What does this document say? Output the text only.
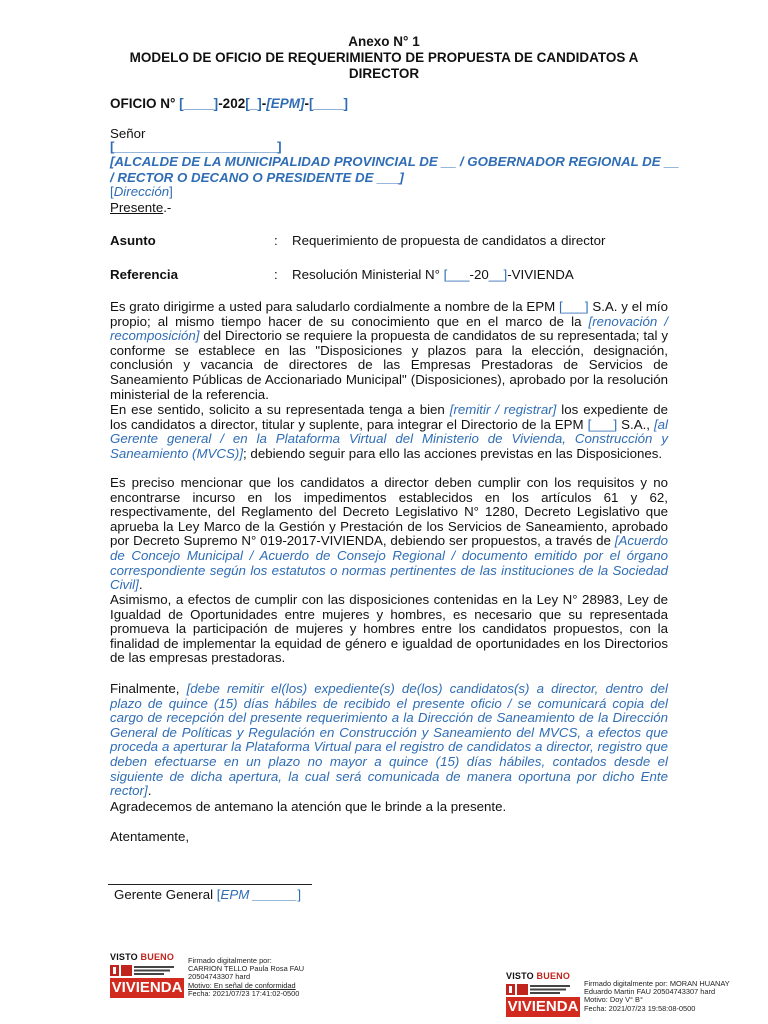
Anexo N° 1
MODELO DE OFICIO DE REQUERIMIENTO DE PROPUESTA DE CANDIDATOS A
DIRECTOR
OFICIO N° [____]-202[_]-[EPM]-[____]
Señor
[______________________]
[ALCALDE DE LA MUNICIPALIDAD PROVINCIAL DE __ / GOBERNADOR REGIONAL DE __
/ RECTOR O DECANO O PRESIDENTE DE ___]
[Dirección]
Presente.-
Asunto	: Requerimiento de propuesta de candidatos a director
Referencia	: Resolución Ministerial N° [___-20__]-VIVIENDA
Es grato dirigirme a usted para saludarlo cordialmente a nombre de la EPM [___] S.A. y el mío propio; al mismo tiempo hacer de su conocimiento que en el marco de la [renovación / recomposición] del Directorio se requiere la propuesta de candidatos de su representada; tal y conforme se establece en las "Disposiciones y plazos para la elección, designación, conclusión y vacancia de directores de las Empresas Prestadoras de Servicios de Saneamiento Públicas de Accionariado Municipal" (Disposiciones), aprobado por la resolución ministerial de la referencia.
En ese sentido, solicito a su representada tenga a bien [remitir / registrar] los expediente de los candidatos a director, titular y suplente, para integrar el Directorio de la EPM [___] S.A., [al Gerente general / en la Plataforma Virtual del Ministerio de Vivienda, Construcción y Saneamiento (MVCS)]; debiendo seguir para ello las acciones previstas en las Disposiciones.
Es preciso mencionar que los candidatos a director deben cumplir con los requisitos y no encontrarse incurso en los impedimentos establecidos en los artículos 61 y 62, respectivamente, del Reglamento del Decreto Legislativo N° 1280, Decreto Legislativo que aprueba la Ley Marco de la Gestión y Prestación de los Servicios de Saneamiento, aprobado por Decreto Supremo N° 019-2017-VIVIENDA, debiendo ser propuestos, a través de [Acuerdo de Concejo Municipal / Acuerdo de Consejo Regional / documento emitido por el órgano correspondiente según los estatutos o normas pertinentes de las instituciones de la Sociedad Civil].
Asimismo, a efectos de cumplir con las disposiciones contenidas en la Ley N° 28983, Ley de Igualdad de Oportunidades entre mujeres y hombres, es necesario que su representada promueva la participación de mujeres y hombres entre los candidatos propuestos, con la finalidad de implementar la equidad de género e igualdad de oportunidades en los Directorios de las empresas prestadoras.
Finalmente, [debe remitir el(los) expediente(s) de(los) candidatos(s) a director, dentro del plazo de quince (15) días hábiles de recibido el presente oficio / se comunicará copia del cargo de recepción del presente requerimiento a la Dirección de Saneamiento de la Dirección General de Políticas y Regulación en Construcción y Saneamiento del MVCS, a efectos que proceda a aperturar la Plataforma Virtual para el registro de candidatos a director, registro que deben efectuarse en un plazo no mayor a quince (15) días hábiles, contados desde el siguiente de dicha apertura, la cual será comunicada de manera oportuna por dicho Ente rector].
Agradecemos de antemano la atención que le brinde a la presente.
Atentamente,
Gerente General [EPM ______]
VISTO BUENO
VIVIENDA
Firmado digitalmente por:
CARRION TELLO Paula Rosa FAU
20504743307 hard
Motivo: En señal de conformidad
Fecha: 2021/07/23 17:41:02-0500
VISTO BUENO
VIVIENDA
Firmado digitalmente por: MORAN HUANAY
Eduardo Martin FAU 20504743307 hard
Motivo: Doy V° B°
Fecha: 2021/07/23 19:58:08-0500
